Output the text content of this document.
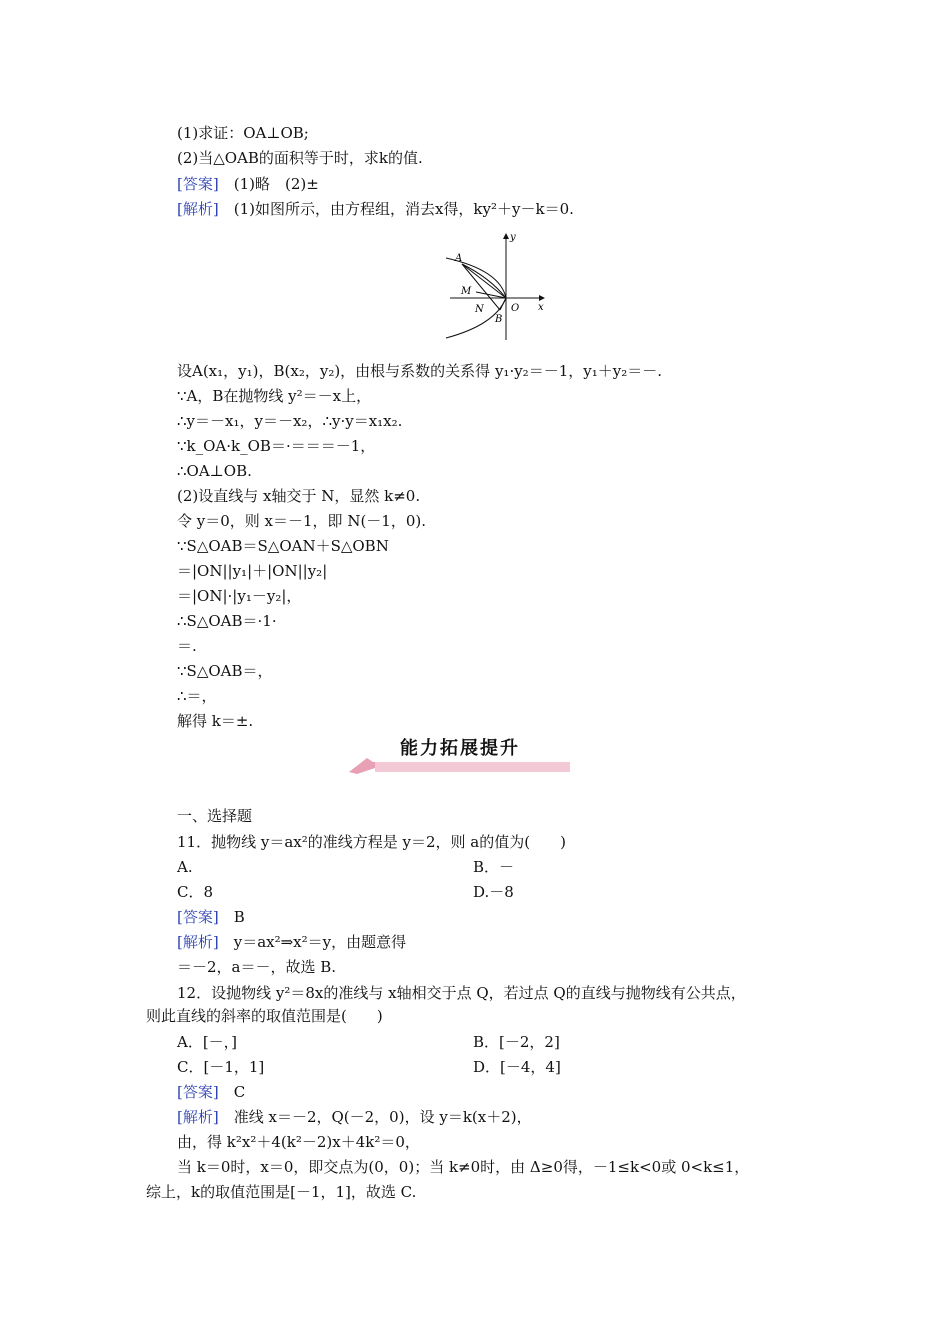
(1)求证：OA⊥OB;
(2)当△OAB的面积等于时，求k的值.
[答案]　(1)略　(2)±
[解析]　(1)如图所示，由方程组，消去x得，ky²＋y－k＝0.
y
x
O
A
M
N
B
设A(x₁，y₁)，B(x₂，y₂)，由根与系数的关系得 y₁·y₂＝－1，y₁＋y₂＝－.
∵A，B在抛物线 y²＝－x上，
∴y＝－x₁，y＝－x₂，∴y·y＝x₁x₂.
∵k_OA·k_OB＝·＝＝＝－1，
∴OA⊥OB.
(2)设直线与 x轴交于 N，显然 k≠0.
令 y＝0，则 x＝－1，即 N(－1，0).
∵S△OAB＝S△OAN＋S△OBN
＝|ON||y₁|＋|ON||y₂|
＝|ON|·|y₁－y₂|，
∴S△OAB＝·1·
＝.
∵S△OAB＝，
∴＝，
解得 k＝±.
能力拓展提升
一、选择题
11．抛物线 y＝ax²的准线方程是 y＝2，则 a的值为(　　)
A.	B．－
C．8	D.－8
[答案]　B
[解析]　y＝ax²⇒x²＝y，由题意得
＝－2，a＝－，故选 B.
12．设抛物线 y²＝8x的准线与 x轴相交于点 Q，若过点 Q的直线与抛物线有公共点，
则此直线的斜率的取值范围是(　　)
A．[－，]	B．[－2，2]
C．[－1，1]	D．[－4，4]
[答案]　C
[解析]　准线 x＝－2，Q(－2，0)，设 y＝k(x＋2)，
由，得 k²x²＋4(k²－2)x＋4k²＝0，
当 k＝0时，x＝0，即交点为(0，0)；当 k≠0时，由 Δ≥0得，－1≤k<0或 0<k≤1，
综上，k的取值范围是[－1，1]，故选 C.
